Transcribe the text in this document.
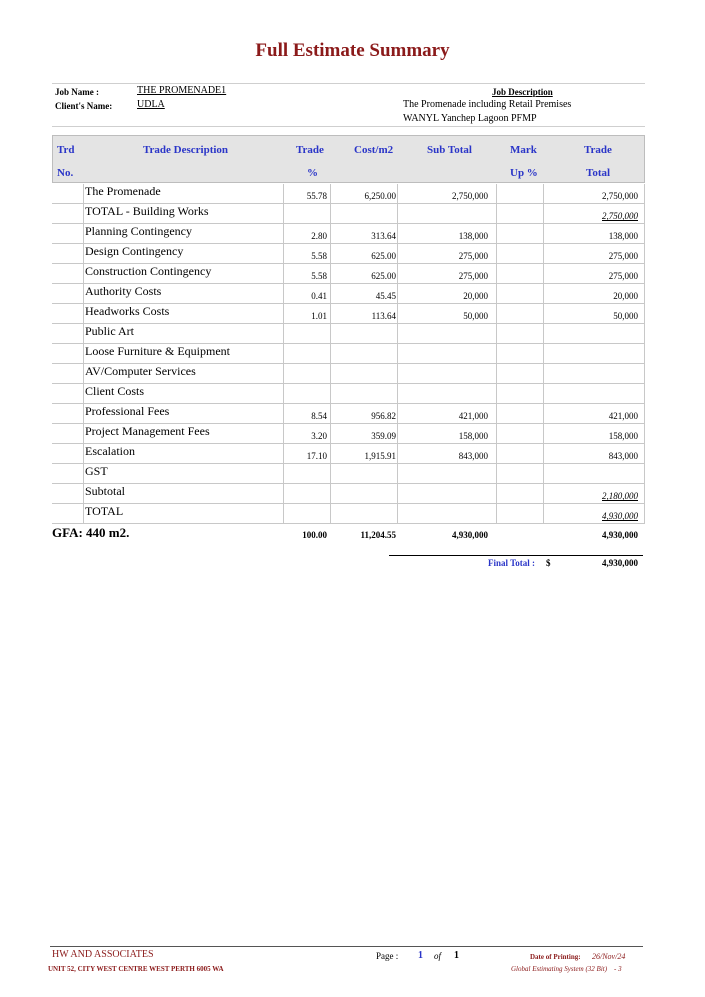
Full Estimate Summary
Job Name :	THE PROMENADE1
Client's Name: UDLA
Job Description
The Promenade including Retail Premises
WANYL Yanchep Lagoon PFMP
Trd
No.
Trade Description	Trade
%
Cost/m2	Sub Total	Mark
Up %
Trade
Total
The Promenade	55.78	6,250.00	2,750,000	2,750,000
TOTAL - Building Works	2,750,000
Planning Contingency	2.80	313.64	138,000	138,000
Design Contingency	5.58	625.00	275,000	275,000
Construction Contingency	5.58	625.00	275,000	275,000
Authority Costs	0.41	45.45	20,000	20,000
Headworks Costs	1.01	113.64	50,000	50,000
Public Art
Loose Furniture & Equipment
AV/Computer Services
Client Costs
Professional Fees	8.54	956.82	421,000	421,000
Project Management Fees	3.20	359.09	158,000	158,000
Escalation	17.10	1,915.91	843,000	843,000
GST
Subtotal	2,180,000
TOTAL	4,930,000
GFA: 440 m2.	100.00	11,204.55	4,930,000	4,930,000
Final Total : $	4,930,000
HW AND ASSOCIATES
UNIT 52, CITY WEST CENTRE WEST PERTH 6005 WA
Page : 1 of 1	Date of Printing: 26/Nov/24
Global Estimating System (32 Bit)    - 3
